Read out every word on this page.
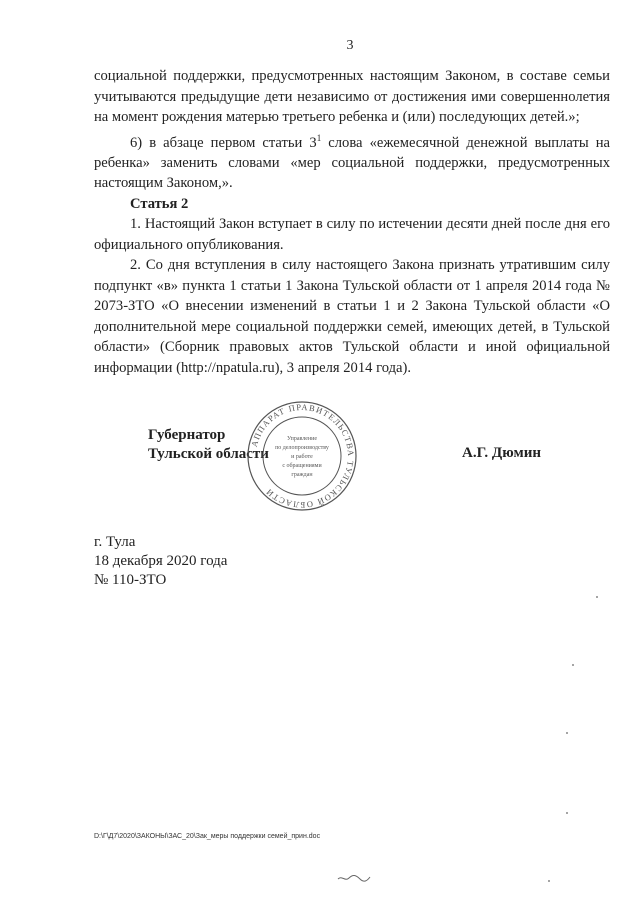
3

социальной поддержки, предусмотренных настоящим Законом, в составе семьи учитываются предыдущие дети независимо от достижения ими совершеннолетия на момент рождения матерью третьего ребенка и (или) последующих детей.»;

6) в абзаце первом статьи $3^1$ слова «ежемесячной денежной выплаты на ребенка» заменить словами «мер социальной поддержки, предусмотренных настоящим Законом,».

Статья 2

1. Настоящий Закон вступает в силу по истечении десяти дней после дня его официального опубликования.

2. Со дня вступления в силу настоящего Закона признать утратившим силу подпункт «в» пункта 1 статьи 1 Закона Тульской области от 1 апреля 2014 года № 2073-ЗТО «О внесении изменений в статьи 1 и 2 Закона Тульской области «О дополнительной мере социальной поддержки семей, имеющих детей, в Тульской области» (Сборник правовых актов Тульской области и иной официальной информации (http://npatula.ru), 3 апреля 2014 года).

Губернатор
Тульской области
АППАРАТ ПРАВИТЕЛЬСТВА ТУЛЬСКОЙ ОБЛАСТИ
Управление
по делопроизводству
и работе
с обращениями
граждан
А.Г. Дюмин
г. Тула
18 декабря 2020 года
№ 110-ЗТО
D:\Г\Д7\2020\ЗАКОНЫ\ЗАС_20\Зак_меры поддержки семей_прин.doc
